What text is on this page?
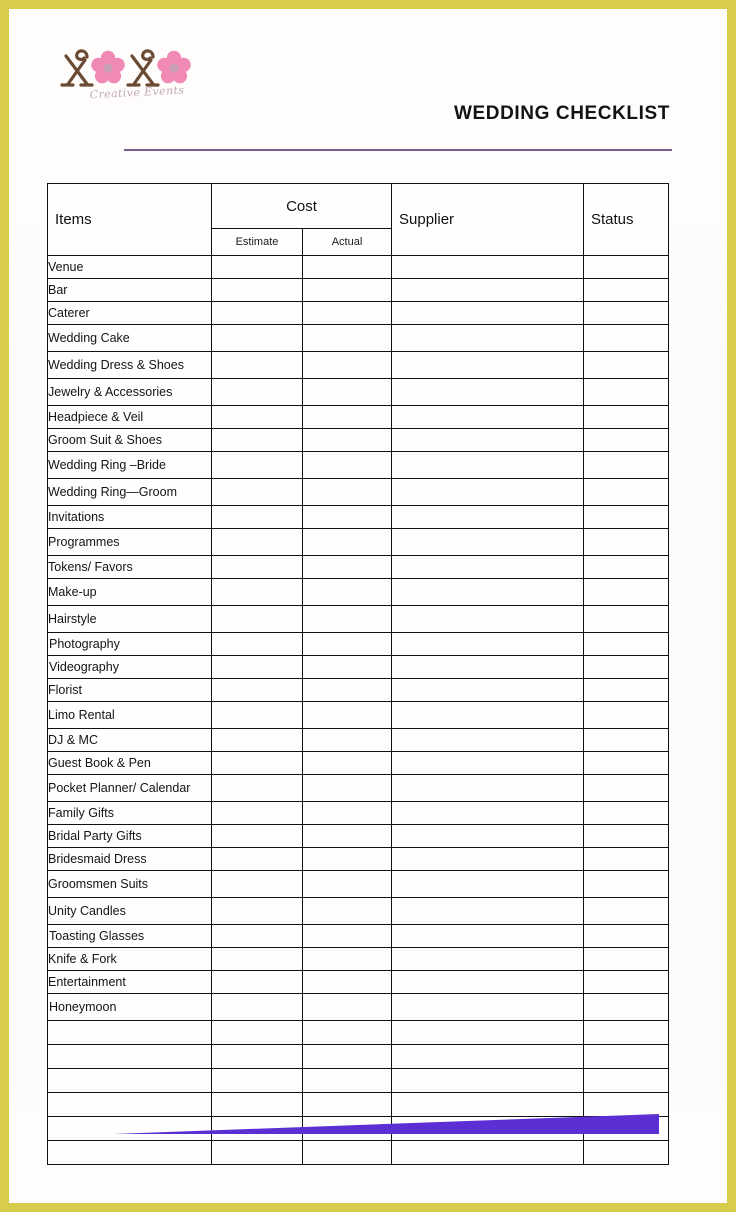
Creative Events
WEDDING CHECKLIST
Items	Cost		Supplier	Status

	Estimate	Actual		
Venue				
Bar				
Caterer				
Wedding Cake				
Wedding Dress & Shoes				
Jewelry & Accessories				
Headpiece & Veil				
Groom Suit & Shoes				
Wedding Ring –Bride				
Wedding Ring—Groom				
Invitations				
Programmes				
Tokens/ Favors				
Make-up				
Hairstyle				
Photography				
Videography				
Florist				
Limo Rental				
DJ & MC				
Guest Book & Pen				
Pocket Planner/ Calendar				
Family Gifts				
Bridal Party Gifts				
Bridesmaid Dress				
Groomsmen Suits				
Unity Candles				
Toasting Glasses				
Knife & Fork				
Entertainment				
Honeymoon				
